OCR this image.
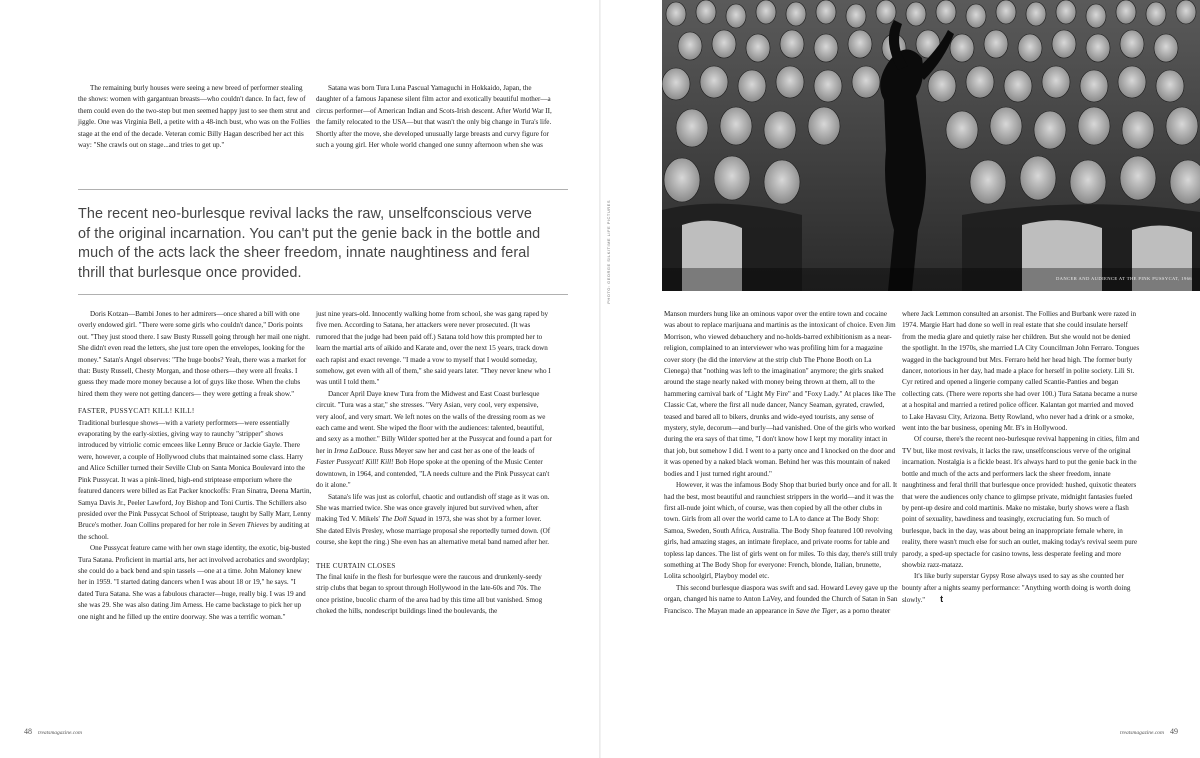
The remaining burly houses were seeing a new breed of performer stealing the shows: women with gargantuan breasts—who couldn't dance. In fact, few of them could even do the two-step but men seemed happy just to see them strut and jiggle. One was Virginia Bell, a petite with a 48-inch bust, who was on the Follies stage at the end of the decade. Veteran comic Billy Hagan described her act this way: "She crawls out on stage...and tries to get up."

Satana was born Tura Luna Pascual Yamaguchi in Hokkaido, Japan, the daughter of a famous Japanese silent film actor and exotically beautiful mother—a circus performer—of American Indian and Scots-Irish descent. After World War II, the family relocated to the USA—but that wasn't the only big change in Tura's life. Shortly after the move, she developed unusually large breasts and curvy figure for such a young girl. Her whole world changed one sunny afternoon when she was

The recent neo-burlesque revival lacks the raw, unselfconscious verve of the original incarnation. You can't put the genie back in the bottle and much of the acts lack the sheer freedom, innate naughtiness and feral thrill that burlesque once provided.	PHOTO: GEORGE SILK/TIME LIFE PICTURES

Doris Kotzan—Bambi Jones to her admirers—once shared a bill with one overly endowed girl. "There were some girls who couldn't dance," Doris points out. "They just stood there. I saw Busty Russell going through her mail one night. She didn't even read the letters, she just tore open the envelopes, looking for the money." Satan's Angel observes: "The huge boobs? Yeah, there was a market for that: Busty Russell, Chesty Morgan, and those others—they were all freaks. I guess they made more money because a lot of guys like those. When the clubs hired them they were not getting dancers— they were getting a freak show."

FASTER, PUSSYCAT! KILL! KILL!

Traditional burlesque shows—with a variety performers—were essentially evaporating by the early-sixties, giving way to raunchy "stripper" shows introduced by vitriolic comic emcees like Lenny Bruce or Jackie Gayle. There were, however, a couple of Hollywood clubs that maintained some class. Harry and Alice Schiller turned their Seville Club on Santa Monica Boulevard into the Pink Pussycat. It was a pink-lined, high-end striptease emporium where the featured dancers were billed as Eat Packer knockoffs: Fran Sinatra, Deena Martin, Samya Davis Jr., Peeler Lawford, Joy Bishop and Toni Curtis. The Schillers also presided over the Pink Pussycat School of Striptease, taught by Sally Marr, Lenny Bruce's mother. Joan Collins prepared for her role in Seven Thieves by auditing at the school.

One Pussycat feature came with her own stage identity, the exotic, big-busted Tura Satana. Proficient in martial arts, her act involved acrobatics and swordplay; she could do a back bend and spin tassels —one at a time. John Maloney knew her in 1959. "I started dating dancers when I was about 18 or 19," he says. "I dated Tura Satana. She was a fabulous character—huge, really big. I was 19 and she was 29. She was also dating Jim Arness. He came backstage to pick her up one night and he filled up the entire doorway. She was a terrific woman."

just nine years-old. Innocently walking home from school, she was gang raped by five men. According to Satana, her attackers were never prosecuted. (It was rumored that the judge had been paid off.) Satana told how this prompted her to learn the martial arts of aikido and Karate and, over the next 15 years, track down each rapist and exact revenge. "I made a vow to myself that I would someday, somehow, get even with all of them," she said years later. "They never knew who I was until I told them."

Dancer April Daye knew Tura from the Midwest and East Coast burlesque circuit. "Tura was a star," she stresses. "Very Asian, very cool, very expensive, very aloof, and very smart. We left notes on the walls of the dressing room as we each came and went. She wiped the floor with the audiences: talented, beautiful, and sexy as a mother." Billy Wilder spotted her at the Pussycat and found a part for her in Irma LaDouce. Russ Meyer saw her and cast her as one of the leads of Faster Pussycat! Kill! Kill! Bob Hope spoke at the opening of the Music Center downtown, in 1964, and contended, "LA needs culture and the Pink Pussycat can't do it alone."

Satana's life was just as colorful, chaotic and outlandish off stage as it was on. She was married twice. She was once gravely injured but survived when, after making Ted V. Mikels' The Doll Squad in 1973, she was shot by a former lover. She dated Elvis Presley, whose marriage proposal she reportedly turned down. (Of course, she kept the ring.) She even has an alternative metal band named after her.

THE CURTAIN CLOSES

The final knife in the flesh for burlesque were the raucous and drunkenly-seedy strip clubs that began to sprout through Hollywood in the late-60s and 70s. The once pristine, bucolic charm of the area had by this time all but vanished. Smog choked the hills, nondescript buildings lined the boulevards, the

48 treatsmagazine.com
DANCER AND AUDIENCE AT THE PINK PUSSYCAT, 1966

Manson murders hung like an ominous vapor over the entire town and cocaine was about to replace marijuana and martinis as the intoxicant of choice. Even Jim Morrison, who viewed debauchery and no-holds-barred exhibitionism as a near-religion, complained to an interviewer who was profiling him for a magazine cover story (he did the interview at the strip club The Phone Booth on La Cienega) that "nothing was left to the imagination" anymore; the girls snaked around the stage nearly naked with money being thrown at them, all to the hammering carnival bark of "Light My Fire" and "Foxy Lady." At places like The Classic Cat, where the first all nude dancer, Nancy Seaman, gyrated, crawled, teased and bared all to bikers, drunks and wide-eyed tourists, any sense of mystery, style, decorum—and burly—had vanished. One of the girls who worked during the era says of that time, "I don't know how I kept my morality intact in that job, but somehow I did. I went to a party once and I knocked on the door and it was opened by a naked black woman. Behind her was this mountain of naked bodies and I just turned right around."

However, it was the infamous Body Shop that buried burly once and for all. It had the best, most beautiful and raunchiest strippers in the world—and it was the first all-nude joint which, of course, was then copied by all the other clubs in town. Girls from all over the world came to LA to dance at The Body Shop: Samoa, Sweden, South Africa, Australia. The Body Shop featured 100 revolving girls, had amazing stages, an intimate fireplace, and private rooms for table and topless lap dances. The list of girls went on for miles. To this day, there's still truly something at The Body Shop for everyone: French, blonde, Italian, brunette, Lolita schoolgirl, Playboy model etc.

This second burlesque diaspora was swift and sad. Howard Levey gave up the organ, changed his name to Anton LaVey, and founded the Church of Satan in San Francisco. The Mayan made an appearance in Save the Tiger, as a porno theater

where Jack Lemmon consulted an arsonist. The Follies and Burbank were razed in 1974. Margie Hart had done so well in real estate that she could insulate herself from the media glare and quietly raise her children. But she would not be denied the spotlight. In the 1970s, she married LA City Councilman John Ferraro. Tongues wagged in the background but Mrs. Ferraro held her head high. The former burly dancer, notorious in her day, had made a place for herself in polite society. Lili St. Cyr retired and opened a lingerie company called Scantie-Panties and began collecting cats. (There were reports she had over 100.) Tura Satana became a nurse at a hospital and married a retired police officer. Kalantan got married and moved to Lake Havasu City, Arizona. Betty Rowland, who never had a drink or a smoke, went into the bar business, opening Mr. B's in Hollywood.

Of course, there's the recent neo-burlesque revival happening in cities, film and TV but, like most revivals, it lacks the raw, unselfconscious verve of the original incarnation. Nostalgia is a fickle beast. It's always hard to put the genie back in the bottle and much of the acts and performers lack the sheer freedom, innate naughtiness and feral thrill that burlesque once provided: hushed, quixotic theaters that were the audiences only chance to glimpse private, midnight fantasies fueled by pent-up desire and cold martinis. Make no mistake, burly shows were a flash point of sexuality, bawdiness and teasingly, excruciating fun. So much of burlesque, back in the day, was about being an inappropriate female where, in reality, there wasn't much else for such an outlet, making today's revival seem pure parody, a sped-up spectacle for casino towns, less desperate feeling and more showbiz razz-matazz.

It's like burly superstar Gypsy Rose always used to say as she counted her bounty after a nights seamy performance: "Anything worth doing is worth doing slowly." t

treatsmagazine.com 49
